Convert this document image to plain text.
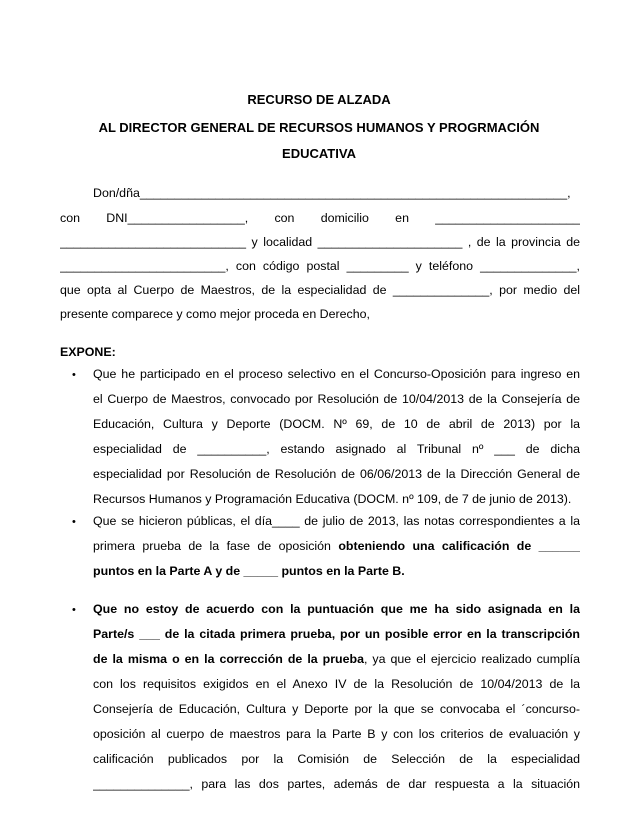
RECURSO DE ALZADA
AL DIRECTOR GENERAL DE RECURSOS HUMANOS Y PROGRMACIÓN
EDUCATIVA
Don/dña______________________________________________________________,
con DNI_________________, con domicilio en _____________________
___________________________ y localidad _____________________ , de la provincia de
________________________, con código postal _________ y teléfono ______________,
que opta al Cuerpo de Maestros, de la especialidad de ______________, por medio del
presente comparece y como mejor proceda en Derecho,
EXPONE:
• Que he participado en el proceso selectivo en el Concurso-Oposición para ingreso en
el Cuerpo de Maestros, convocado por Resolución de 10/04/2013 de la Consejería de
Educación, Cultura y Deporte (DOCM. Nº 69, de 10 de abril de 2013) por la
especialidad de __________, estando asignado al Tribunal nº ___ de dicha
especialidad por Resolución de Resolución de 06/06/2013 de la Dirección General de
Recursos Humanos y Programación Educativa (DOCM. nº 109, de 7 de junio de 2013).
• Que se hicieron públicas, el día____ de julio de 2013, las notas correspondientes a la
primera prueba de la fase de oposición obteniendo una calificación de ______
puntos en la Parte A y de _____ puntos en la Parte B.
• Que no estoy de acuerdo con la puntuación que me ha sido asignada en la
Parte/s ___ de la citada primera prueba, por un posible error en la transcripción
de la misma o en la corrección de la prueba, ya que el ejercicio realizado cumplía
con los requisitos exigidos en el Anexo IV de la Resolución de 10/04/2013 de la
Consejería de Educación, Cultura y Deporte por la que se convocaba el ´concurso-
oposición al cuerpo de maestros para la Parte B y con los criterios de evaluación y
calificación publicados por la Comisión de Selección de la especialidad
______________, para las dos partes, además de dar respuesta a la situación
